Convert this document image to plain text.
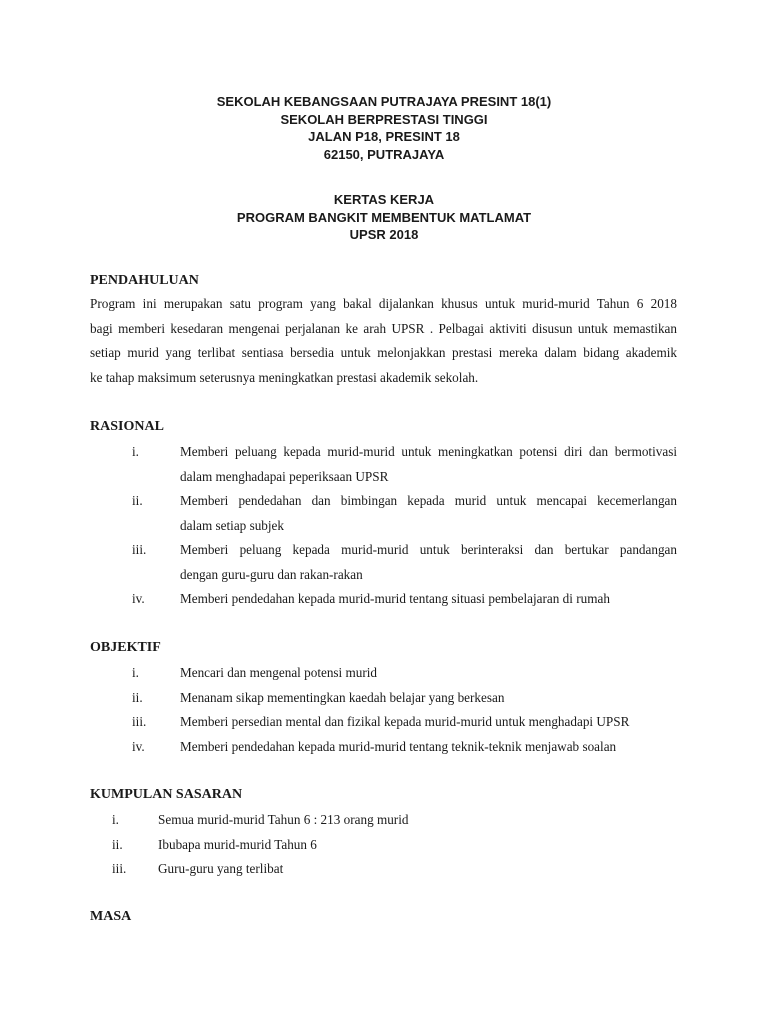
SEKOLAH KEBANGSAAN PUTRAJAYA PRESINT 18(1)
SEKOLAH BERPRESTASI TINGGI
JALAN P18, PRESINT 18
62150, PUTRAJAYA
KERTAS KERJA
PROGRAM BANGKIT MEMBENTUK MATLAMAT
UPSR 2018
PENDAHULUAN
Program ini merupakan satu program yang bakal dijalankan khusus untuk murid-murid Tahun 6 2018
bagi memberi kesedaran mengenai perjalanan ke arah UPSR . Pelbagai aktiviti disusun untuk memastikan
setiap murid yang terlibat sentiasa bersedia untuk melonjakkan prestasi mereka dalam bidang akademik
ke tahap maksimum seterusnya meningkatkan prestasi akademik sekolah.
RASIONAL
i.	Memberi peluang kepada murid-murid untuk meningkatkan potensi diri dan bermotivasi
dalam menghadapai peperiksaan UPSR
ii.	Memberi pendedahan dan bimbingan kepada murid untuk mencapai kecemerlangan
dalam setiap subjek
iii.	Memberi peluang kepada murid-murid untuk berinteraksi dan bertukar pandangan
dengan guru-guru dan rakan-rakan
iv.	Memberi pendedahan kepada murid-murid tentang situasi pembelajaran di rumah
OBJEKTIF
i.	Mencari dan mengenal potensi murid
ii.	Menanam sikap mementingkan kaedah belajar yang berkesan
iii.	Memberi persedian mental dan fizikal kepada murid-murid untuk menghadapi UPSR
iv.	Memberi pendedahan kepada murid-murid tentang teknik-teknik menjawab soalan
KUMPULAN SASARAN
i.	Semua murid-murid Tahun 6 : 213 orang murid
ii.	Ibubapa murid-murid Tahun 6
iii. Guru-guru yang terlibat
MASA
